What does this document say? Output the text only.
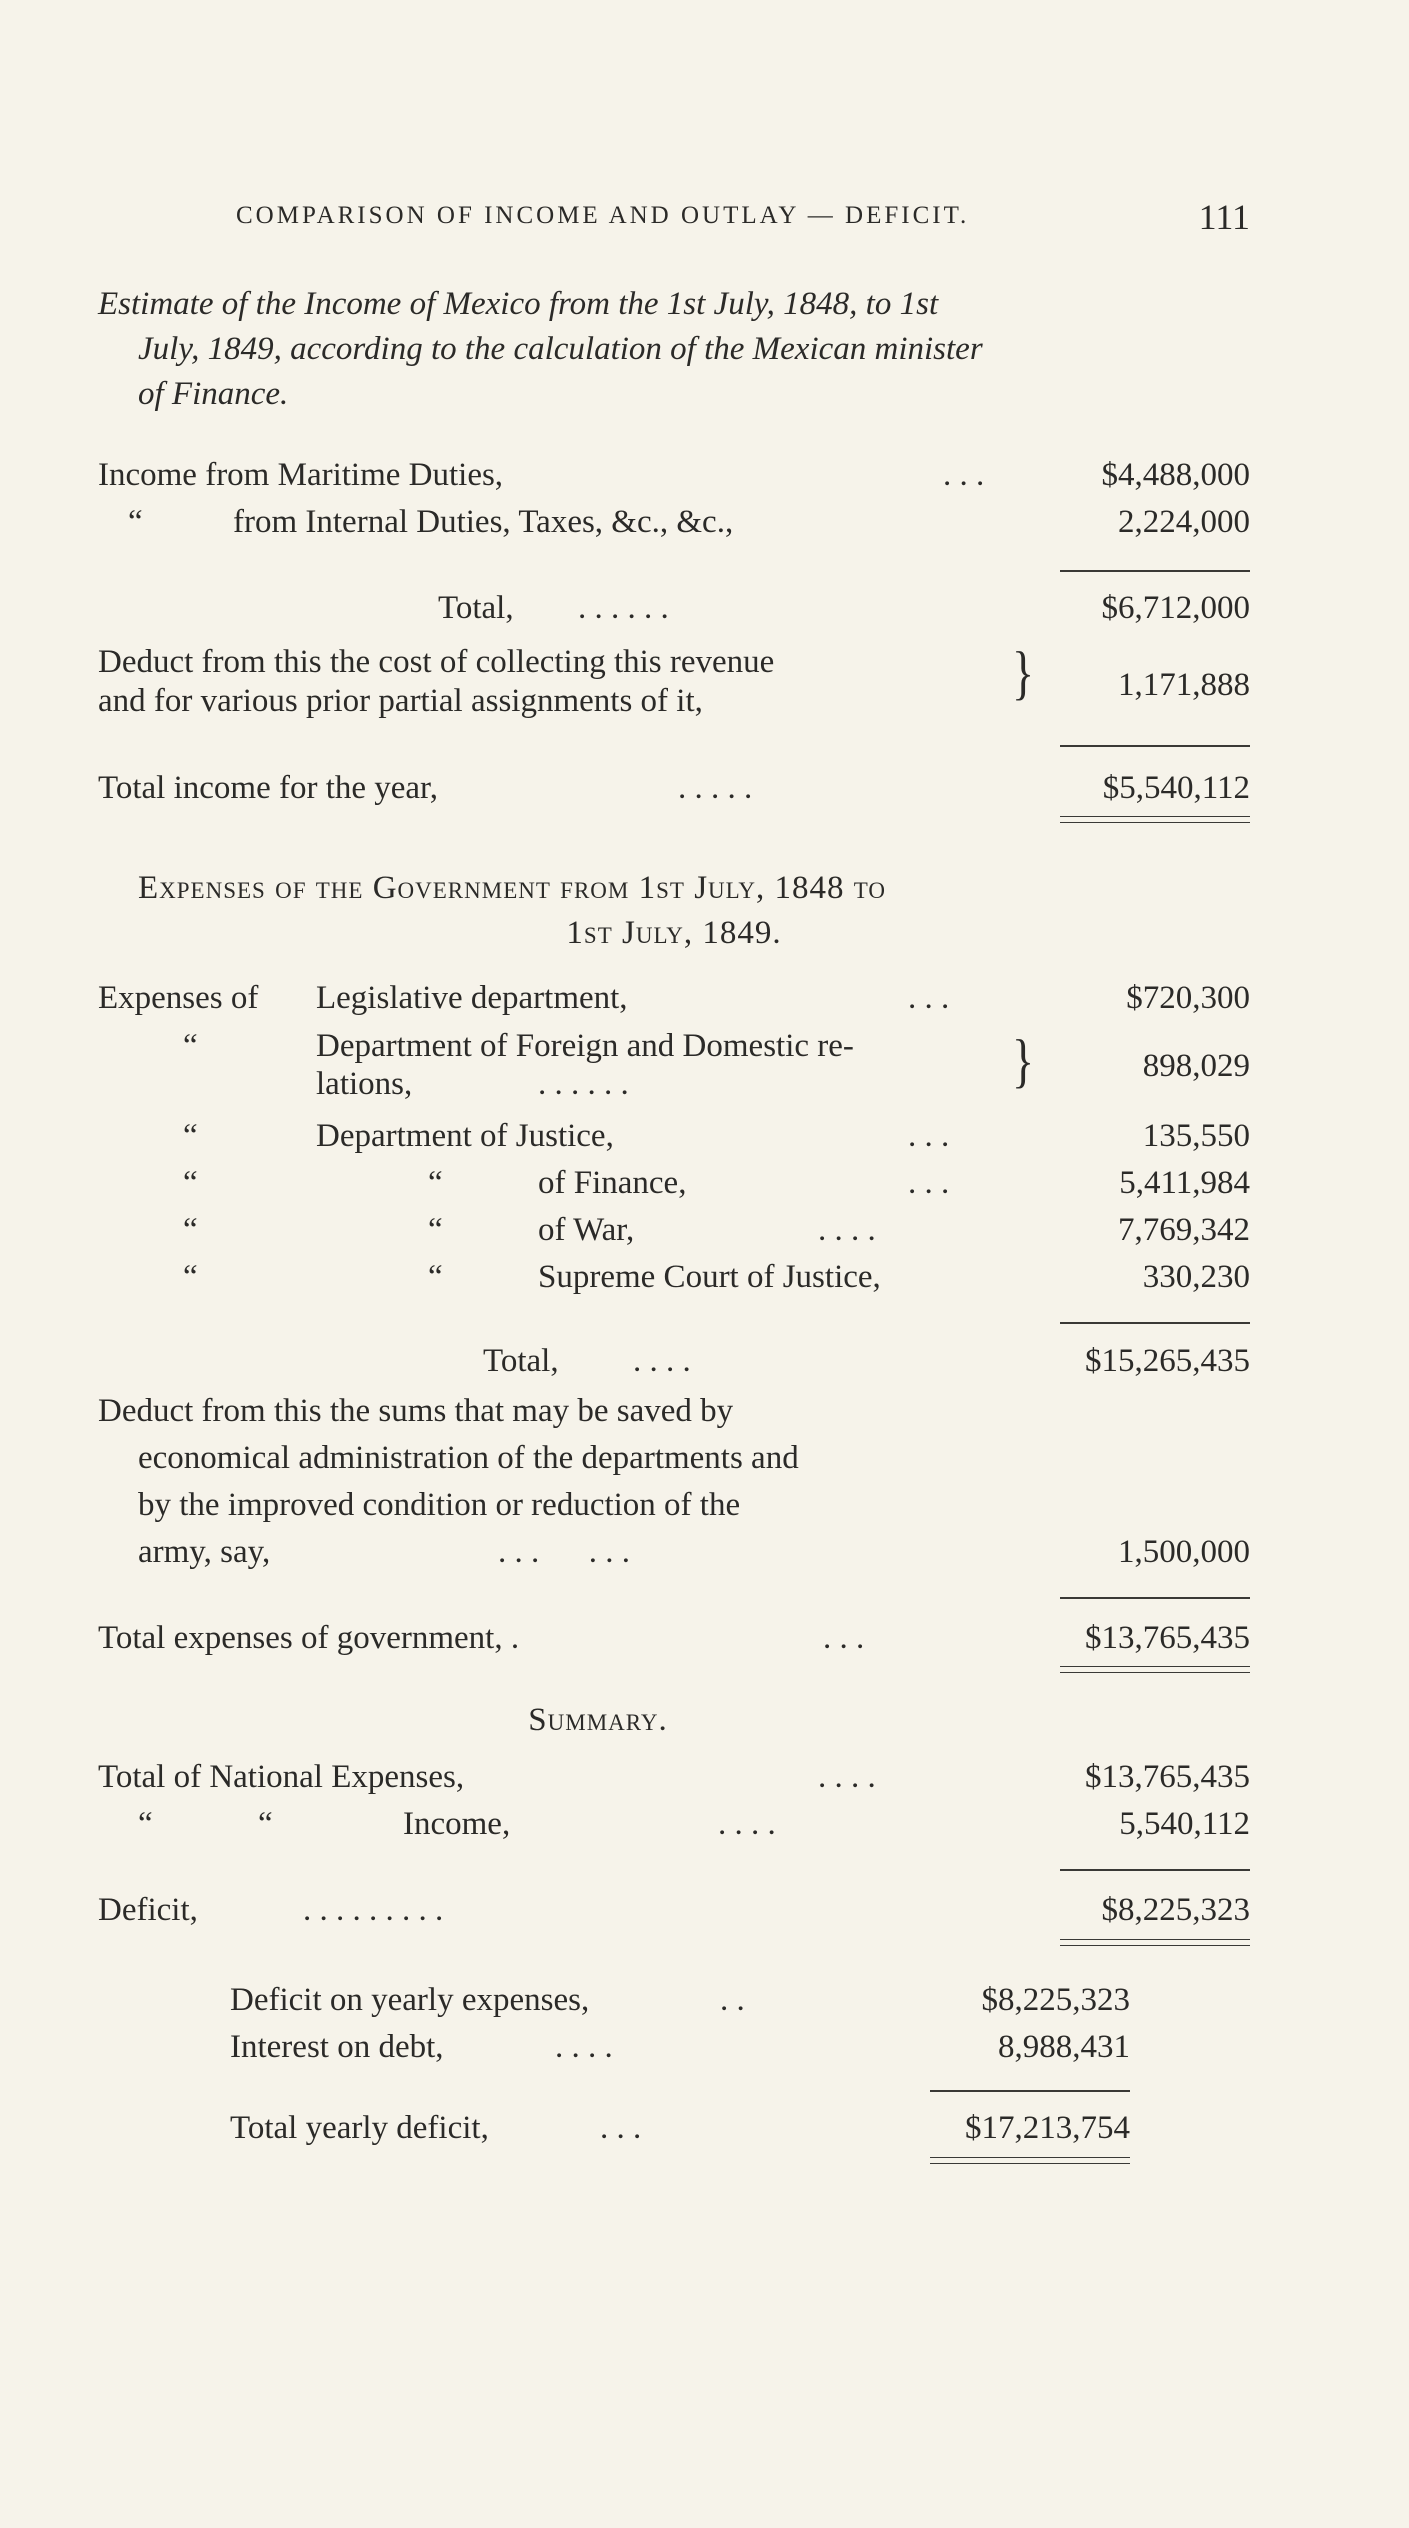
COMPARISON OF INCOME AND OUTLAY — DEFICIT.	111
Estimate of the Income of Mexico from the 1st July, 1848, to 1st
July, 1849, according to the calculation of the Mexican minister
of Finance.
Income from Maritime Duties,	. . .	$4,488,000
“	from Internal Duties, Taxes, &c., &c.,	2,224,000
Total, . . . . . .	$6,712,000
Deduct from this the cost of collecting this revenue
and for various prior partial assignments of it,	}	1,171,888
Total income for the year,	. . . . .	$5,540,112
Expenses of the Government from 1st July, 1848 to
1st July, 1849.
Expenses of Legislative department,	. . .	$720,300
“	Department of Foreign and Domestic re-
lations,	. . . . . .	898,029
}
“	Department of Justice,	. . .	135,550
“	“	of Finance,	. . .	5,411,984
“	“	of War,	. . . .	7,769,342
“	“	Supreme Court of Justice,	330,230
Total, . . . .	$15,265,435
Deduct from this the sums that may be saved by
economical administration of the departments and
by the improved condition or reduction of the
army, say,	. . .      . . .	1,500,000
Total expenses of government, .	. . .	$13,765,435
Summary.
Total of National Expenses,	. . . .	$13,765,435
“	“	Income,	. . . .	5,540,112
Deficit,	. . . . . . . . .	$8,225,323
Deficit on yearly expenses,	. .	$8,225,323
Interest on debt,	. . . .	8,988,431
Total yearly deficit,	. . .	$17,213,754
